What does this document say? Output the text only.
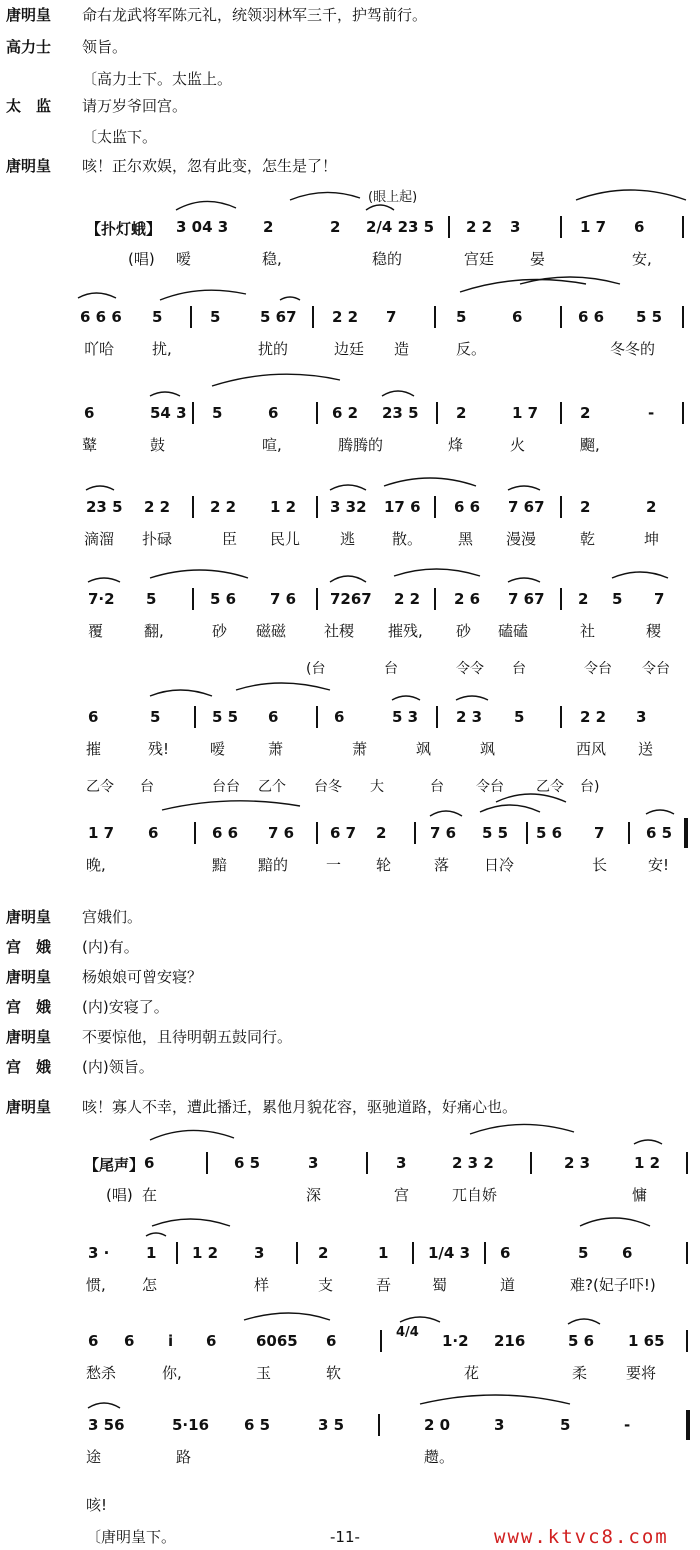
唐明皇 命右龙武将军陈元礼，统领羽林军三千，护驾前行。
高力士 领旨。
〔高力士下。太监上。
太　监 请万岁爷回宫。
〔太监下。
唐明皇 咳！正尔欢娱，忽有此变，怎生是了！
(眼上起)
【扑灯蛾】 3 04 3 2	2 2/4 23 5 2 2 3	1 7 6
(唱) 嗳	稳,	稳的	宫廷 晏	安,
6 6 6 5	5	5 67 2 2 7	5	6	6 6 5 5
吖哈	扰,	扰的	边廷 造	反。	冬冬的
6	54 3 5	6	6 2 23 5 2	1 7	2	-
鼙	鼓	喧,	腾腾的	烽	火	飀,
23 5 2 2	2 2 1 2 3 32 17 6 6 6 7 67 2	2
滴溜 扑碌	臣 民儿	逃 散。 黑 漫漫	乾	坤
7·2 5	5 6 7 6 7267 2 2 2 6 7 67 2 5 7
覆	翻,	砂 磁磁	社稷 摧残, 砂 磕磕	社	稷
(台	台	令令 台	令台 令台
6	5	5 5 6	6	5 3	2 3 5	2 2 3
摧	残!	嗳	萧	萧	飒	飒	西风 送
乙令 台	台台 乙个 台冬 大	台 令台 乙令 台)
1 7 6	6 6 7 6 6 7 2	7 6 5 5 5 6 7	6 5
晚,	黯 黯的	一 轮	落 日冷	长	安!
唐明皇 宫娥们。
宫　娥 (内)有。
唐明皇 杨娘娘可曾安寝？
宫　娥 (内)安寝了。
唐明皇 不要惊他，且待明朝五鼓同行。
宫　娥 (内)领旨。
唐明皇 咳！寡人不幸，遭此播迁，累他月貌花容，驱驰道路，好痛心也。
【尾声】 6	6 5	3	3	2 3 2	2 3	1 2
(唱) 在	深	宫	兀自娇	慵
3 · 1 1 2 3	2	1	1/4 3 6	5 6
惯, 怎	样	支	吾	蜀	道	难?(妃子吓!)
6 6 i 6	6065 6	4/4 1·2 216	5 6 1 65
愁杀	你,	玉	软	花	柔	要将
3 56	5·16 6 5	3 5	2 0	3	5	-
途	路	趱。
咳!
〔唐明皇下。	-11-	www.ktvc8.com
